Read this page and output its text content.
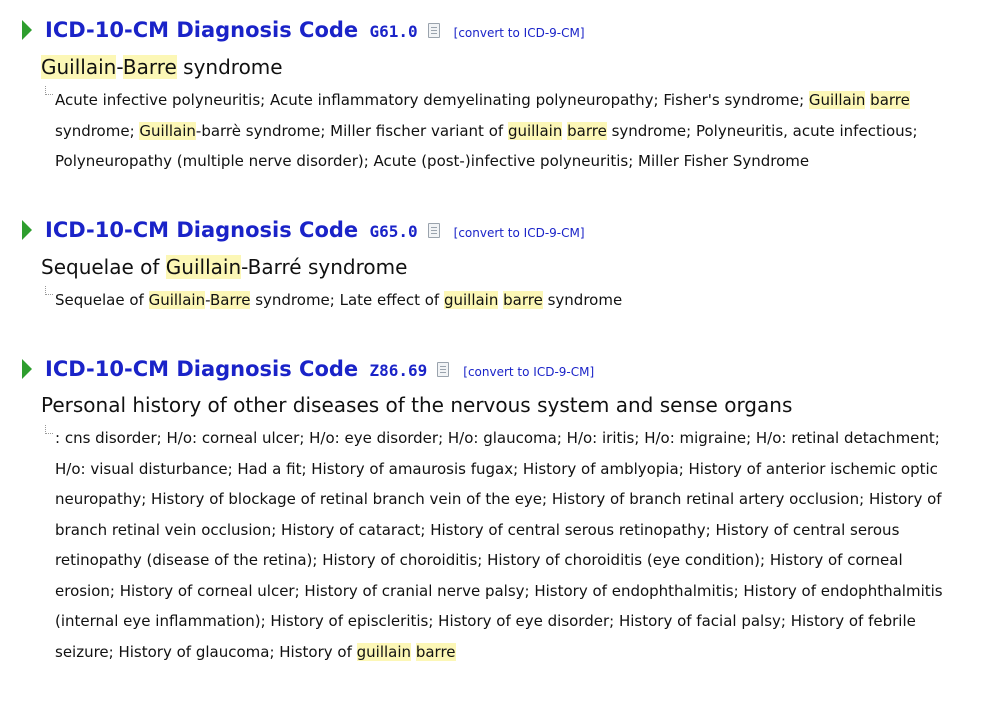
ICD-10-CM Diagnosis Code G61.0	[convert to ICD-9-CM]
Guillain-Barre syndrome
Acute infective polyneuritis; Acute inflammatory demyelinating polyneuropathy; Fisher's syndrome; Guillain barre syndrome; Guillain-barrè syndrome; Miller fischer variant of guillain barre syndrome; Polyneuritis, acute infectious; Polyneuropathy (multiple nerve disorder); Acute (post-)infective polyneuritis; Miller Fisher Syndrome
ICD-10-CM Diagnosis Code G65.0	[convert to ICD-9-CM]
Sequelae of Guillain-Barré syndrome
Sequelae of Guillain-Barre syndrome; Late effect of guillain barre syndrome
ICD-10-CM Diagnosis Code Z86.69	[convert to ICD-9-CM]
Personal history of other diseases of the nervous system and sense organs
: cns disorder; H/o: corneal ulcer; H/o: eye disorder; H/o: glaucoma; H/o: iritis; H/o: migraine; H/o: retinal detachment; H/o: visual disturbance; Had a fit; History of amaurosis fugax; History of amblyopia; History of anterior ischemic optic neuropathy; History of blockage of retinal branch vein of the eye; History of branch retinal artery occlusion; History of branch retinal vein occlusion; History of cataract; History of central serous retinopathy; History of central serous retinopathy (disease of the retina); History of choroiditis; History of choroiditis (eye condition); History of corneal erosion; History of corneal ulcer; History of cranial nerve palsy; History of endophthalmitis; History of endophthalmitis (internal eye inflammation); History of episcleritis; History of eye disorder; History of facial palsy; History of febrile seizure; History of glaucoma; History of guillain barre
